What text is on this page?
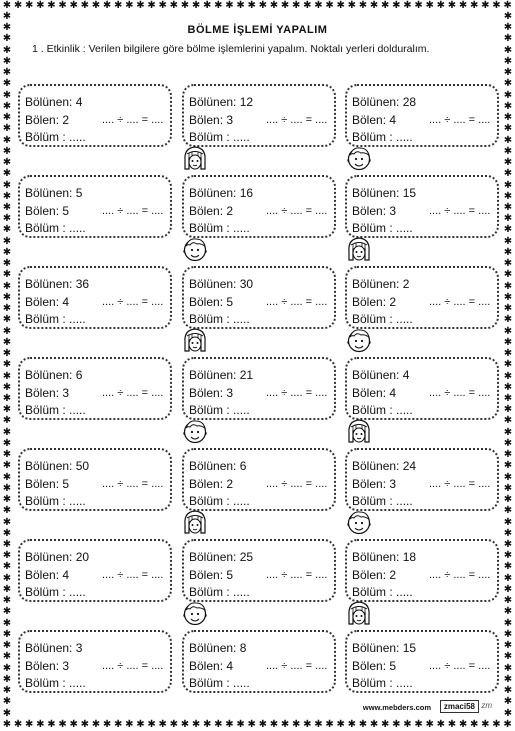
✱ ✱ ✱ ✱ ✱ ✱ ✱ ✱ ✱ ✱ ✱ ✱ ✱ ✱ ✱ ✱ ✱ ✱ ✱ ✱ ✱ ✱ ✱ ✱ ✱ ✱ ✱ ✱ ✱ ✱ ✱ ✱ ✱ ✱ ✱ ✱ ✱ ✱ ✱ ✱ ✱ ✱ ✱ ✱ ✱ ✱
✱ ✱ ✱ ✱ ✱ ✱ ✱ ✱ ✱ ✱ ✱ ✱ ✱ ✱ ✱ ✱ ✱ ✱ ✱ ✱ ✱ ✱ ✱ ✱ ✱ ✱ ✱ ✱ ✱ ✱ ✱ ✱ ✱ ✱ ✱ ✱ ✱ ✱ ✱ ✱ ✱ ✱ ✱ ✱ ✱ ✱
✱
✱
✱
✱
✱
✱
✱
✱
✱
✱
✱
✱
✱
✱
✱
✱
✱
✱
✱
✱
✱
✱
✱
✱
✱
✱
✱
✱
✱
✱
✱
✱
✱
✱
✱
✱
✱
✱
✱
✱
✱
✱
✱
✱
✱
✱
✱
✱
✱
✱
✱
✱
✱
✱
✱
✱
✱
✱
✱
✱
✱
✱
✱
✱
✱
✱
✱
✱
✱
✱
✱
✱
✱
✱
✱
✱
✱
✱
✱
✱
✱
✱
✱
✱
✱
✱
✱
✱
✱
✱
✱
✱
✱
✱
✱
✱
✱
✱
✱
✱
✱
✱
✱
✱
✱
✱
✱
✱
✱
✱
✱
✱
✱
✱
✱
✱
✱
✱
✱
✱
✱
✱
✱
✱
✱
✱
BÖLME İŞLEMİ YAPALIM
1 . Etkinlik : Verilen bilgilere göre bölme işlemlerini yapalım. Noktalı yerleri dolduralım.
Bölünen: 4
Bölen: 2	.... ÷ .... = ....
Bölüm : .....
Bölünen: 12
Bölen: 3	.... ÷ .... = ....
Bölüm : .....
Bölünen: 28
Bölen: 4	.... ÷ .... = ....
Bölüm : .....
Bölünen: 5
Bölen: 5	.... ÷ .... = ....
Bölüm : .....
Bölünen: 16
Bölen: 2	.... ÷ .... = ....
Bölüm : .....
Bölünen: 15
Bölen: 3	.... ÷ .... = ....
Bölüm : .....
Bölünen: 36
Bölen: 4	.... ÷ .... = ....
Bölüm : .....
Bölünen: 30
Bölen: 5	.... ÷ .... = ....
Bölüm : .....
Bölünen: 2
Bölen: 2	.... ÷ .... = ....
Bölüm : .....
Bölünen: 6
Bölen: 3	.... ÷ .... = ....
Bölüm : .....
Bölünen: 21
Bölen: 3	.... ÷ .... = ....
Bölüm : .....
Bölünen: 4
Bölen: 4	.... ÷ .... = ....
Bölüm : .....
Bölünen: 50
Bölen: 5	.... ÷ .... = ....
Bölüm : .....
Bölünen: 6
Bölen: 2	.... ÷ .... = ....
Bölüm : .....
Bölünen: 24
Bölen: 3	.... ÷ .... = ....
Bölüm : .....
Bölünen: 20
Bölen: 4	.... ÷ .... = ....
Bölüm : .....
Bölünen: 25
Bölen: 5	.... ÷ .... = ....
Bölüm : .....
Bölünen: 18
Bölen: 2	.... ÷ .... = ....
Bölüm : .....
Bölünen: 3
Bölen: 3	.... ÷ .... = ....
Bölüm : .....
Bölünen: 8
Bölen: 4	.... ÷ .... = ....
Bölüm : .....
Bölünen: 15
Bölen: 5	.... ÷ .... = ....
Bölüm : .....
www.mebders.com	zmaci58 zm
